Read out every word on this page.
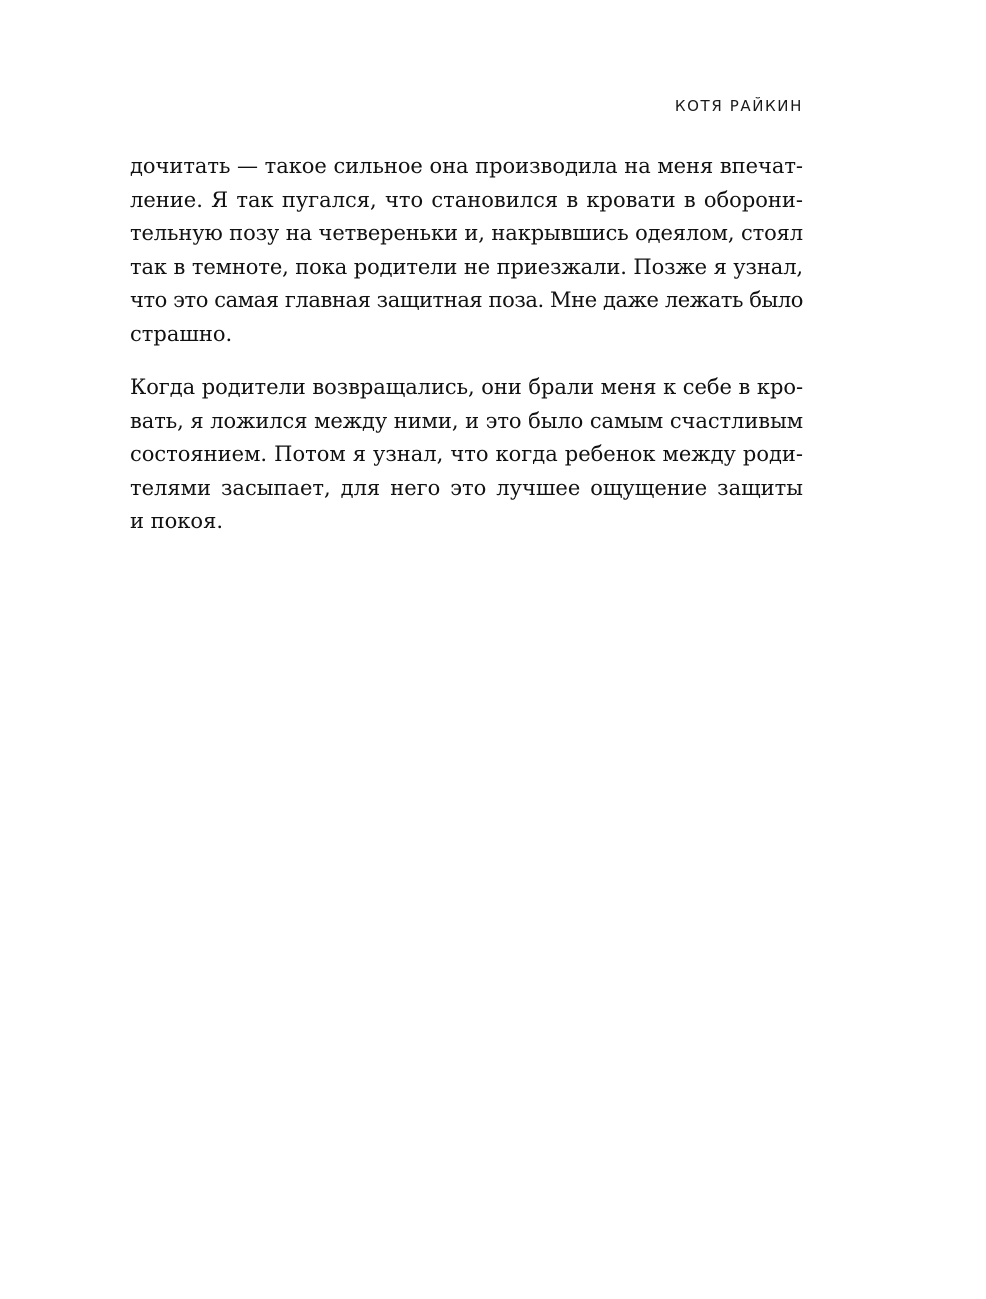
КОТЯ РАЙКИН
дочитать — такое сильное она производила на меня впечат-
ление. Я так пугался, что становился в кровати в оборони-
тельную позу на четвереньки и, накрывшись одеялом, стоял
так в темноте, пока родители не приезжали. Позже я узнал,
что это самая главная защитная поза. Мне даже лежать было
страшно.
Когда родители возвращались, они брали меня к себе в кро-
вать, я ложился между ними, и это было самым счастливым
состоянием. Потом я узнал, что когда ребенок между роди-
телями засыпает, для него это лучшее ощущение защиты
и покоя.
